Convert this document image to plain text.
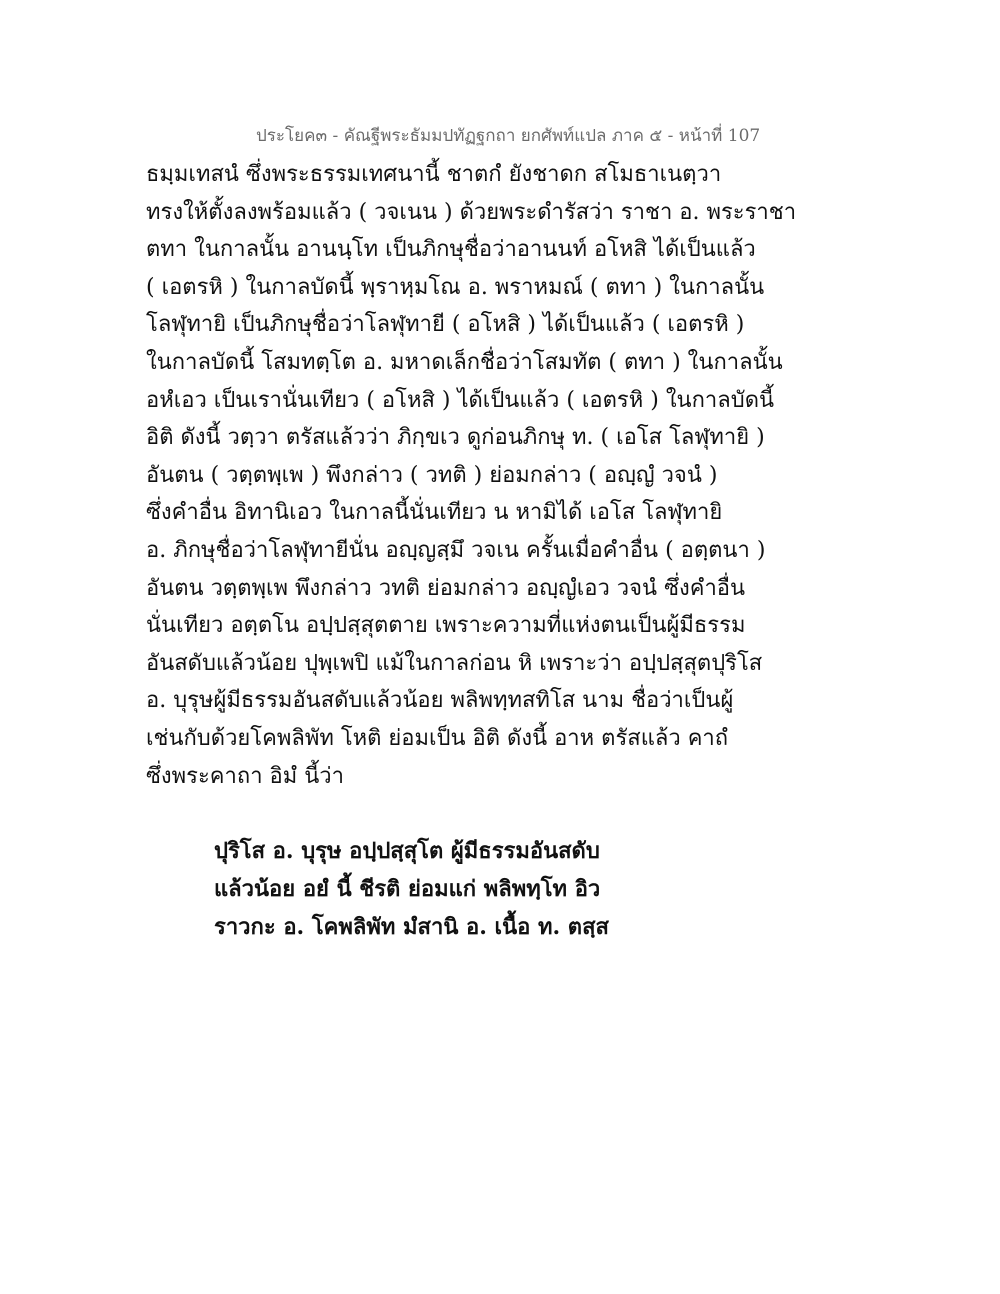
ประโยค๓ - คัณฐีพระธัมมปทัฏฐกถา ยกศัพท์แปล ภาค ๕ - หน้าที่ 107
ธมฺมเทสนํ ซึ่งพระธรรมเทศนานี้ ชาตกํ ยังชาดก สโมธาเนตฺวา
ทรงให้ตั้งลงพร้อมแล้ว ( วจเนน ) ด้วยพระดำรัสว่า ราชา อ. พระราชา
ตทา ในกาลนั้น อานนฺโท เป็นภิกษุชื่อว่าอานนท์ อโหสิ ได้เป็นแล้ว
( เอตรหิ ) ในกาลบัดนี้ พฺราหฺมโณ อ. พราหมณ์ ( ตทา ) ในกาลนั้น
โลฬุทายิ เป็นภิกษุชื่อว่าโลฬุทายี ( อโหสิ ) ได้เป็นแล้ว ( เอตรหิ )
ในกาลบัดนี้ โสมทตฺโต อ. มหาดเล็กชื่อว่าโสมทัต ( ตทา ) ในกาลนั้น
อหํเอว เป็นเรานั่นเทียว ( อโหสิ ) ได้เป็นแล้ว ( เอตรหิ ) ในกาลบัดนี้
อิติ ดังนี้ วตฺวา ตรัสแล้วว่า ภิกฺขเว ดูก่อนภิกษุ ท. ( เอโส โลฬุทายิ )
อันตน ( วตฺตพฺเพ ) พึงกล่าว ( วทติ ) ย่อมกล่าว ( อญฺญํ วจนํ )
ซึ่งคำอื่น อิทานิเอว ในกาลนี้นั่นเทียว น หามิได้ เอโส โลฬุทายิ
อ. ภิกษุชื่อว่าโลฬุทายีนั่น อญฺญสฺมึ วจเน ครั้นเมื่อคำอื่น ( อตฺตนา )
อันตน วตฺตพฺเพ พึงกล่าว วทติ ย่อมกล่าว อญฺญํเอว วจนํ ซึ่งคำอื่น
นั่นเทียว อตฺตโน อปฺปสฺสุตตาย เพราะความที่แห่งตนเป็นผู้มีธรรม
อันสดับแล้วน้อย ปุพฺเพปิ แม้ในกาลก่อน หิ เพราะว่า อปฺปสฺสุตปุริโส
อ. บุรุษผู้มีธรรมอันสดับแล้วน้อย พลิพทฺทสทิโส นาม ชื่อว่าเป็นผู้
เช่นกับด้วยโคพลิพัท โหติ ย่อมเป็น อิติ ดังนี้ อาห ตรัสแล้ว คาถํ
ซึ่งพระคาถา อิมํ นี้ว่า
ปุริโส อ. บุรุษ อปฺปสฺสุโต ผู้มีธรรมอันสดับ
แล้วน้อย อยํ นี้ ชีรติ ย่อมแก่ พลิพทฺโท อิว
ราวกะ อ. โคพลิพัท มํสานิ อ. เนื้อ ท. ตสฺส
